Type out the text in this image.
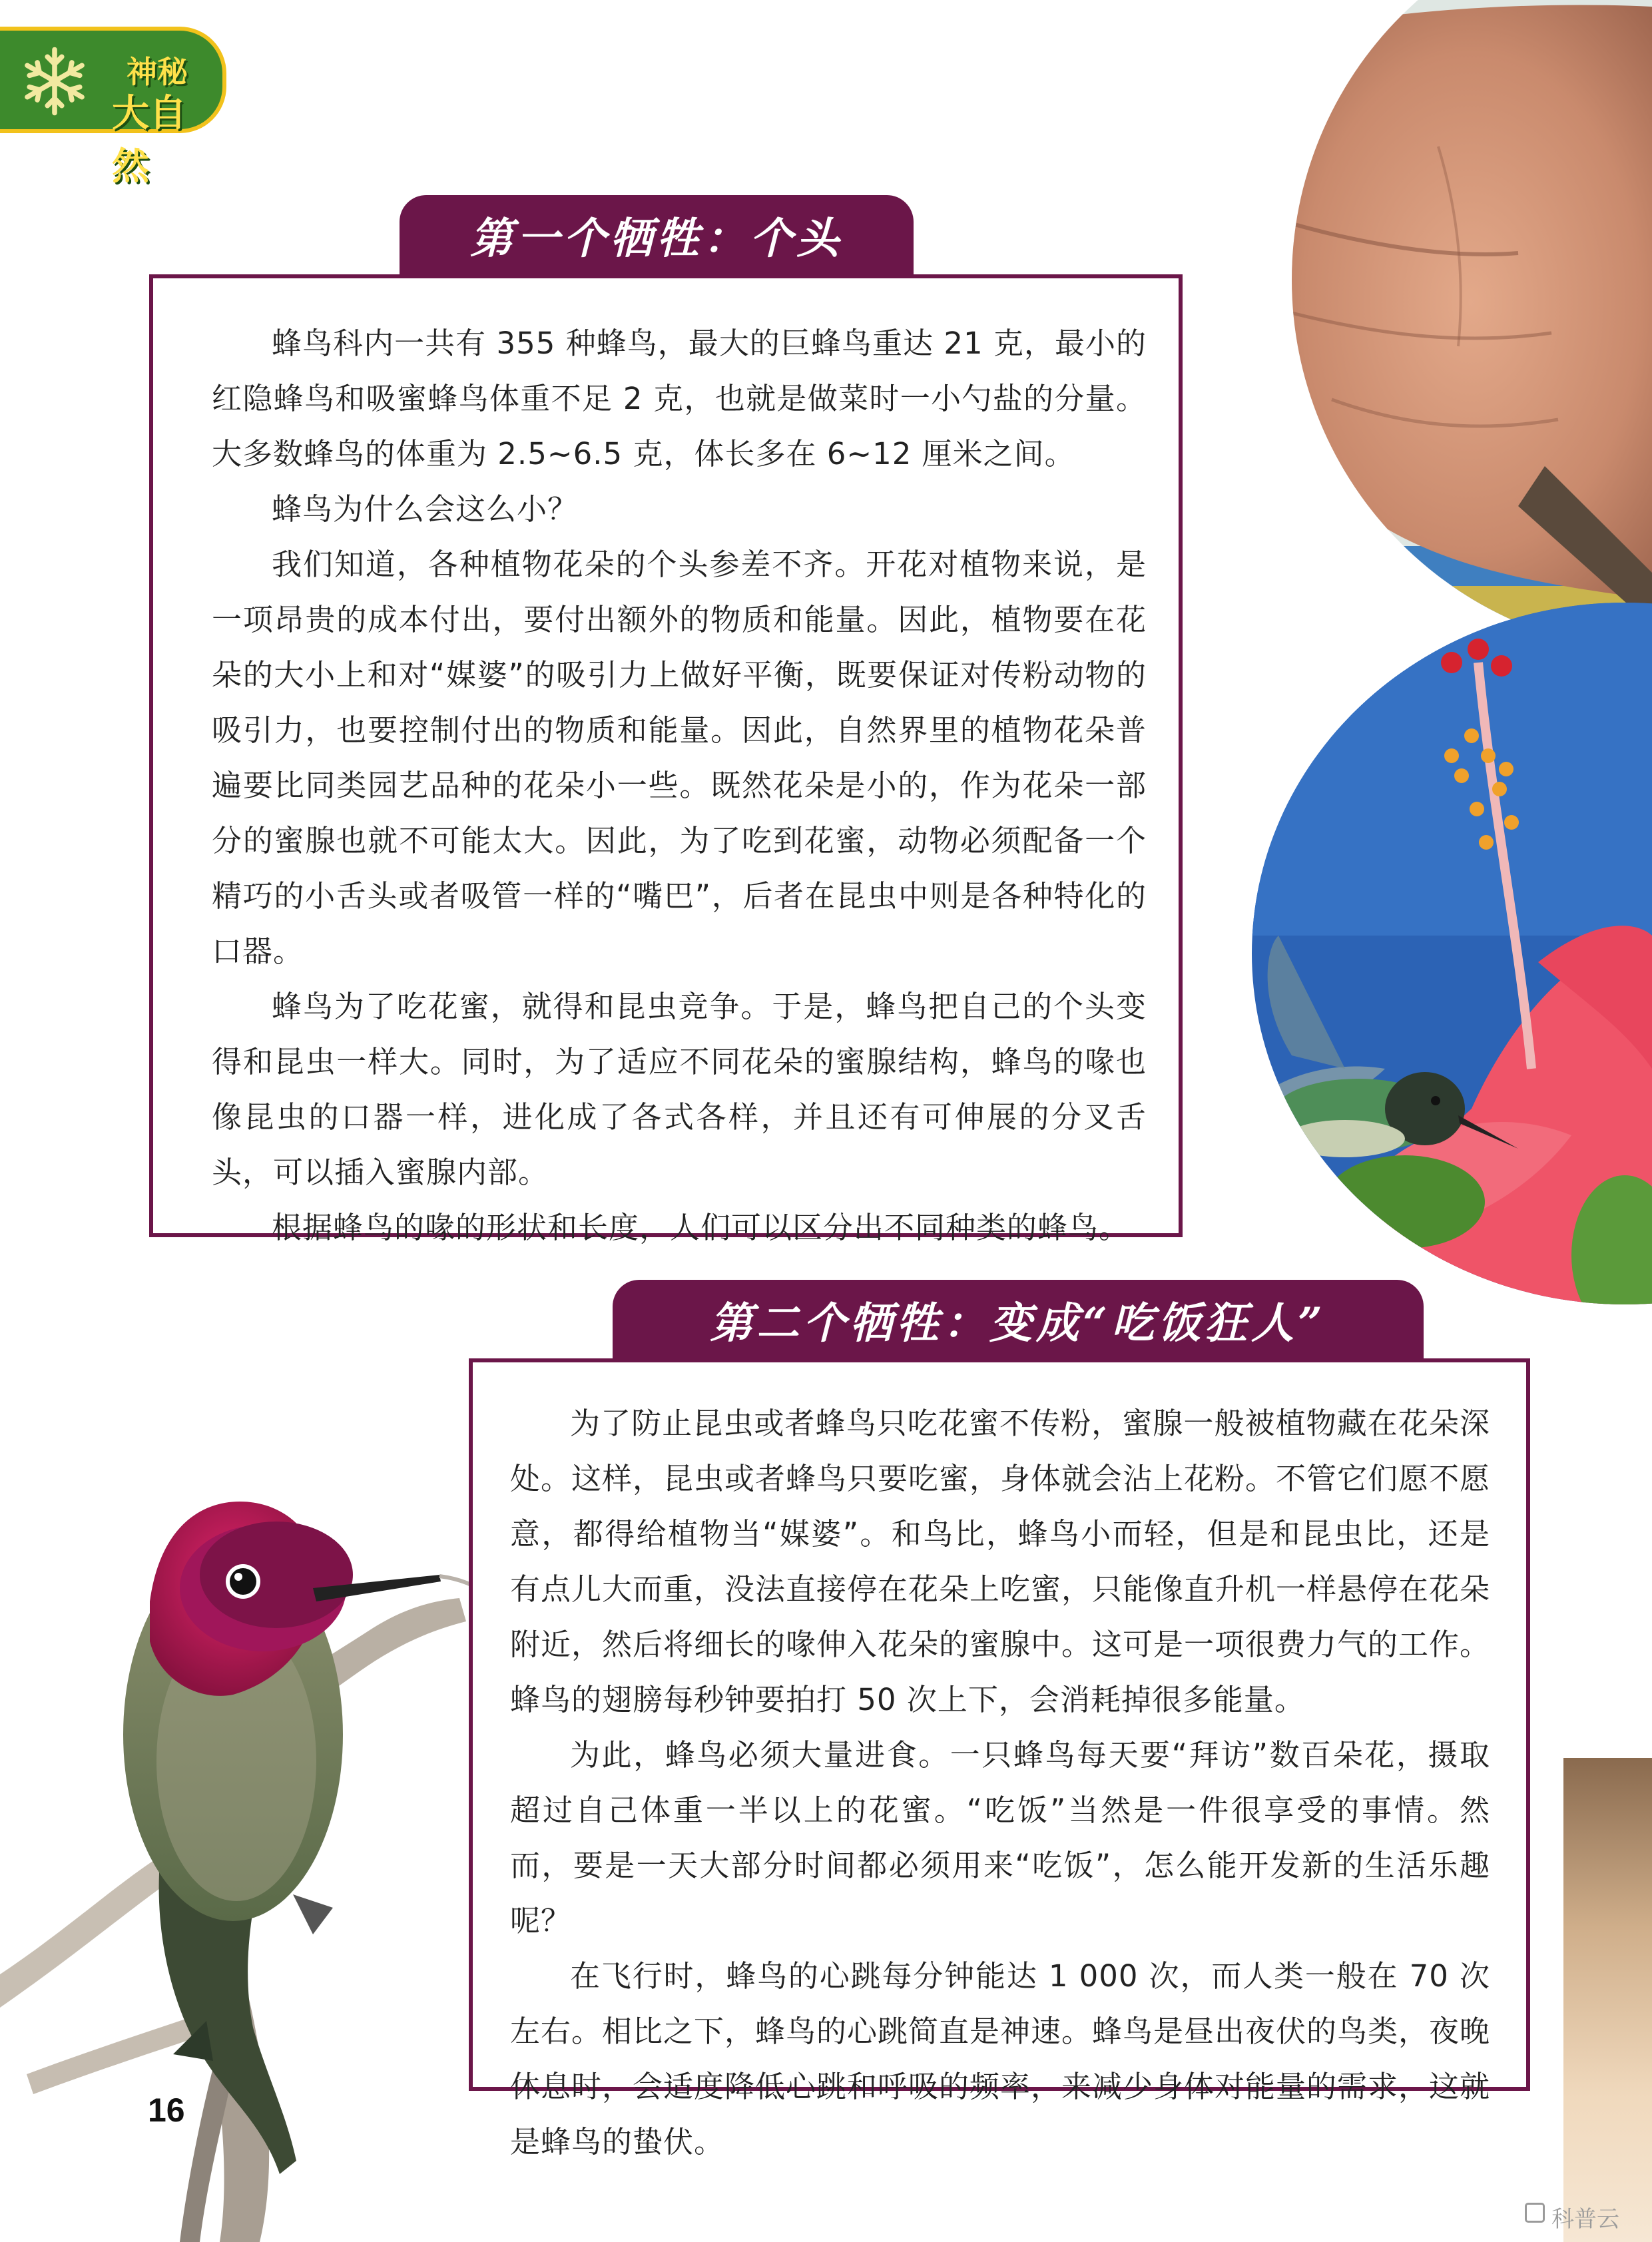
神秘
大自然
第一个牺牲：个头

蜂鸟科内一共有 355 种蜂鸟，最大的巨蜂鸟重达 21 克，最小的红隐蜂鸟和吸蜜蜂鸟体重不足 2 克，也就是做菜时一小勺盐的分量。大多数蜂鸟的体重为 2.5~6.5 克，体长多在 6~12 厘米之间。

蜂鸟为什么会这么小？

我们知道，各种植物花朵的个头参差不齐。开花对植物来说，是一项昂贵的成本付出，要付出额外的物质和能量。因此，植物要在花朵的大小上和对“媒婆”的吸引力上做好平衡，既要保证对传粉动物的吸引力，也要控制付出的物质和能量。因此，自然界里的植物花朵普遍要比同类园艺品种的花朵小一些。既然花朵是小的，作为花朵一部分的蜜腺也就不可能太大。因此，为了吃到花蜜，动物必须配备一个精巧的小舌头或者吸管一样的“嘴巴”，后者在昆虫中则是各种特化的口器。

蜂鸟为了吃花蜜，就得和昆虫竞争。于是，蜂鸟把自己的个头变得和昆虫一样大。同时，为了适应不同花朵的蜜腺结构，蜂鸟的喙也像昆虫的口器一样，进化成了各式各样，并且还有可伸展的分叉舌头，可以插入蜜腺内部。

根据蜂鸟的喙的形状和长度，人们可以区分出不同种类的蜂鸟。

第二个牺牲：变成“吃饭狂人”

为了防止昆虫或者蜂鸟只吃花蜜不传粉，蜜腺一般被植物藏在花朵深处。这样，昆虫或者蜂鸟只要吃蜜，身体就会沾上花粉。不管它们愿不愿意，都得给植物当“媒婆”。和鸟比，蜂鸟小而轻，但是和昆虫比，还是有点儿大而重，没法直接停在花朵上吃蜜，只能像直升机一样悬停在花朵附近，然后将细长的喙伸入花朵的蜜腺中。这可是一项很费力气的工作。蜂鸟的翅膀每秒钟要拍打 50 次上下，会消耗掉很多能量。

为此，蜂鸟必须大量进食。一只蜂鸟每天要“拜访”数百朵花，摄取超过自己体重一半以上的花蜜。“吃饭”当然是一件很享受的事情。然而，要是一天大部分时间都必须用来“吃饭”，怎么能开发新的生活乐趣呢？

在飞行时，蜂鸟的心跳每分钟能达 1 000 次，而人类一般在 70 次左右。相比之下，蜂鸟的心跳简直是神速。蜂鸟是昼出夜伏的鸟类，夜晚休息时，会适度降低心跳和呼吸的频率，来减少身体对能量的需求，这就是蜂鸟的蛰伏。

16
科普云
